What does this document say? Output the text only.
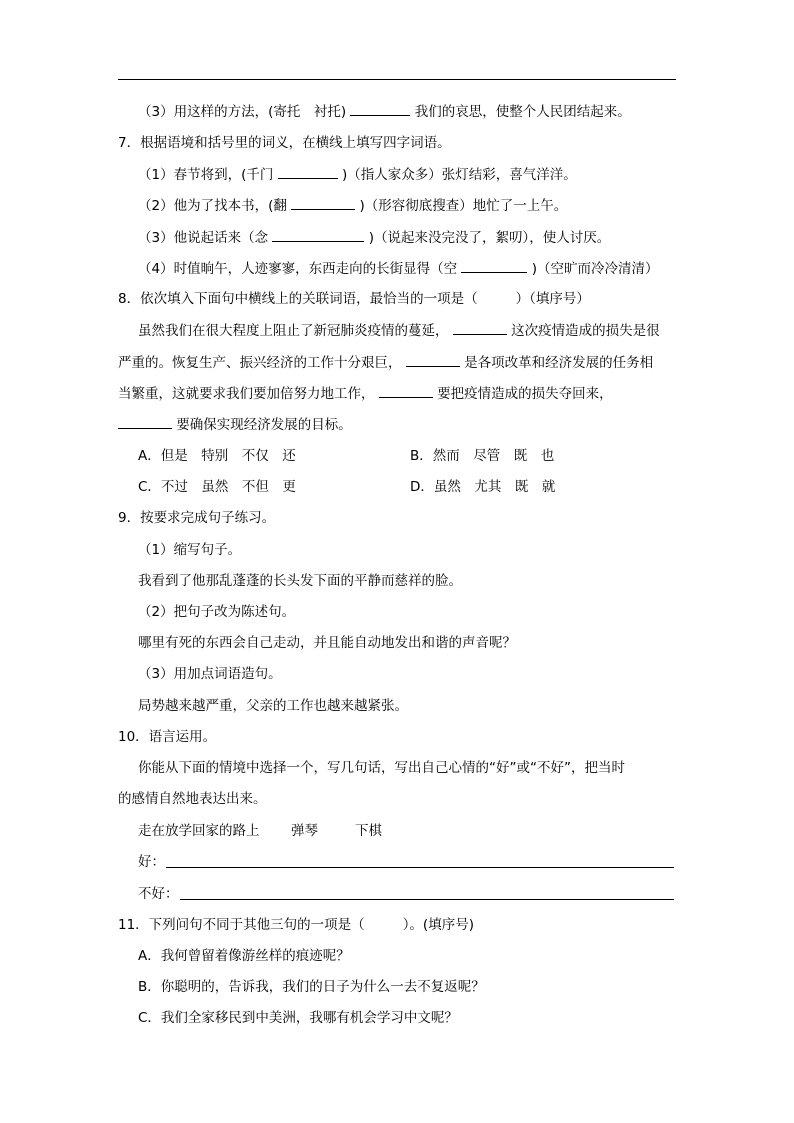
（3）用这样的方法，(寄托　衬托)	我们的哀思，使整个人民团结起来。
7．根据语境和括号里的词义，在横线上填写四字词语。
（1）春节将到，(千门	)（指人家众多）张灯结彩，喜气洋洋。
（2）他为了找本书，(翻	)（形容彻底搜查）地忙了一上午。
（3）他说起话来（念	)（说起来没完没了，絮叨），使人讨厌。
（4）时值晌午，人迹寥寥，东西走向的长街显得（空	)（空旷而冷冷清清）
8．依次填入下面句中横线上的关联词语，最恰当的一项是（	）（填序号）
虽然我们在很大程度上阻止了新冠肺炎疫情的蔓延，	这次疫情造成的损失是很
严重的。恢复生产、振兴经济的工作十分艰巨，	是各项改革和经济发展的任务相
当繁重，这就要求我们要加倍努力地工作，	要把疫情造成的损失夺回来，
要确保实现经济发展的目标。
A．但是　特别　不仅　还	B．然而　尽管　既　也
C．不过　虽然　不但　更	D．虽然　尤其　既　就
9．按要求完成句子练习。
（1）缩写句子。
我看到了他那乱蓬蓬的长头发下面的平静而慈祥的脸。
（2）把句子改为陈述句。
哪里有死的东西会自己走动，并且能自动地发出和谐的声音呢？
（3）用加点词语造句。
局势越来越严重，父亲的工作也越来越紧张。
10．语言运用。
你能从下面的情境中选择一个，写几句话，写出自己心情的“好”或“不好”，把当时
的感情自然地表达出来。
走在放学回家的路上 弹琴	下棋
好：
不好：
11．下列问句不同于其他三句的一项是（	）。(填序号)
A．我何曾留着像游丝样的痕迹呢？
B．你聪明的，告诉我，我们的日子为什么一去不复返呢？
C．我们全家移民到中美洲，我哪有机会学习中文呢？
